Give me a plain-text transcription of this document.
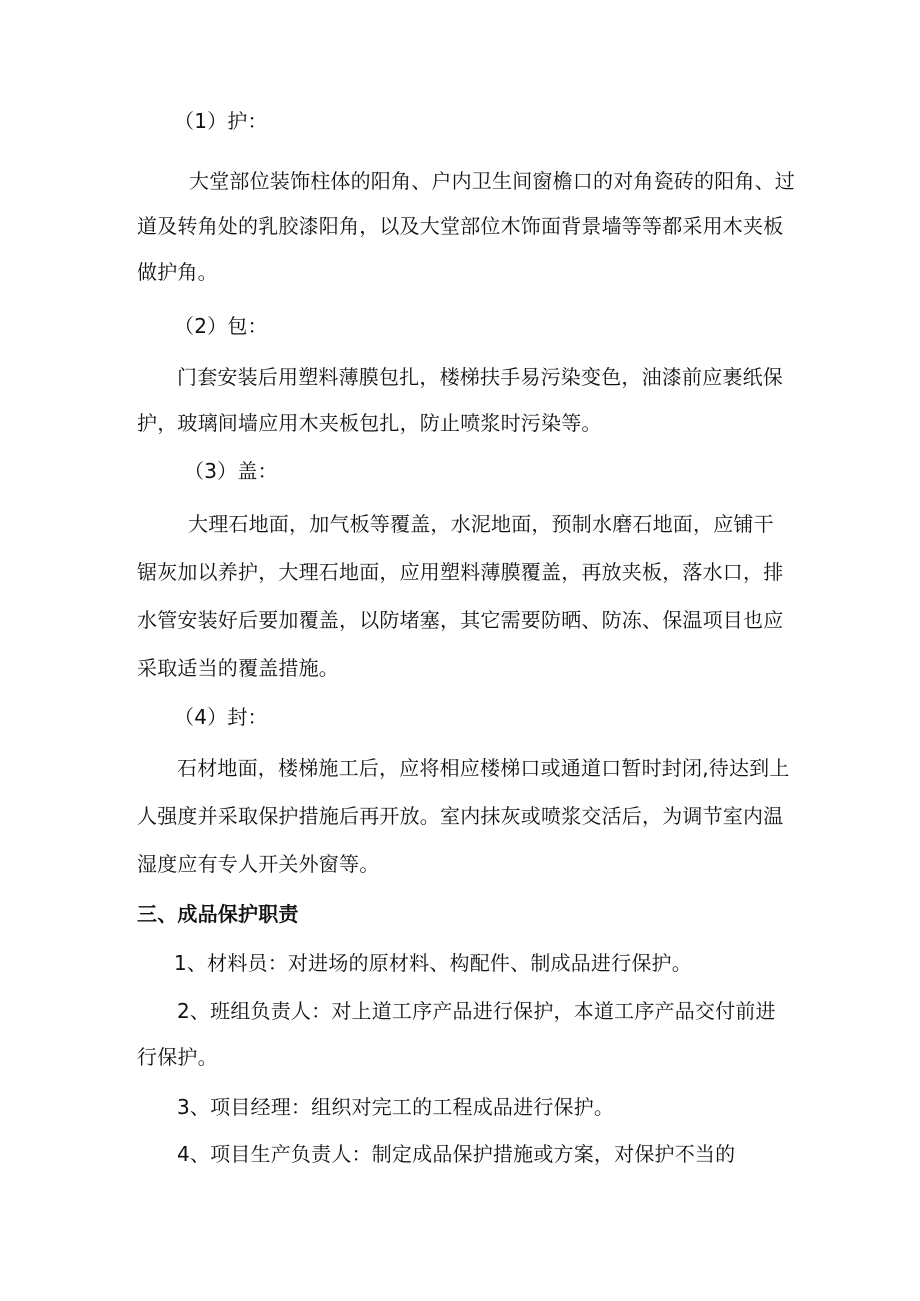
（1）护：
大堂部位装饰柱体的阳角、户内卫生间窗檐口的对角瓷砖的阳角、过
道及转角处的乳胶漆阳角，以及大堂部位木饰面背景墙等等都采用木夹板
做护角。
（2）包：
门套安装后用塑料薄膜包扎，楼梯扶手易污染变色，油漆前应裹纸保
护，玻璃间墙应用木夹板包扎，防止喷浆时污染等。
（3）盖：
大理石地面，加气板等覆盖，水泥地面，预制水磨石地面，应铺干
锯灰加以养护，大理石地面，应用塑料薄膜覆盖，再放夹板，落水口，排
水管安装好后要加覆盖，以防堵塞，其它需要防晒、防冻、保温项目也应
采取适当的覆盖措施。
（4）封：
石材地面，楼梯施工后，应将相应楼梯口或通道口暂时封闭,待达到上
人强度并采取保护措施后再开放。室内抹灰或喷浆交活后，为调节室内温
湿度应有专人开关外窗等。
三、成品保护职责
1、材料员：对进场的原材料、构配件、制成品进行保护。
2、班组负责人：对上道工序产品进行保护，本道工序产品交付前进
行保护。
3、项目经理：组织对完工的工程成品进行保护。
4、项目生产负责人：制定成品保护措施或方案，对保护不当的
